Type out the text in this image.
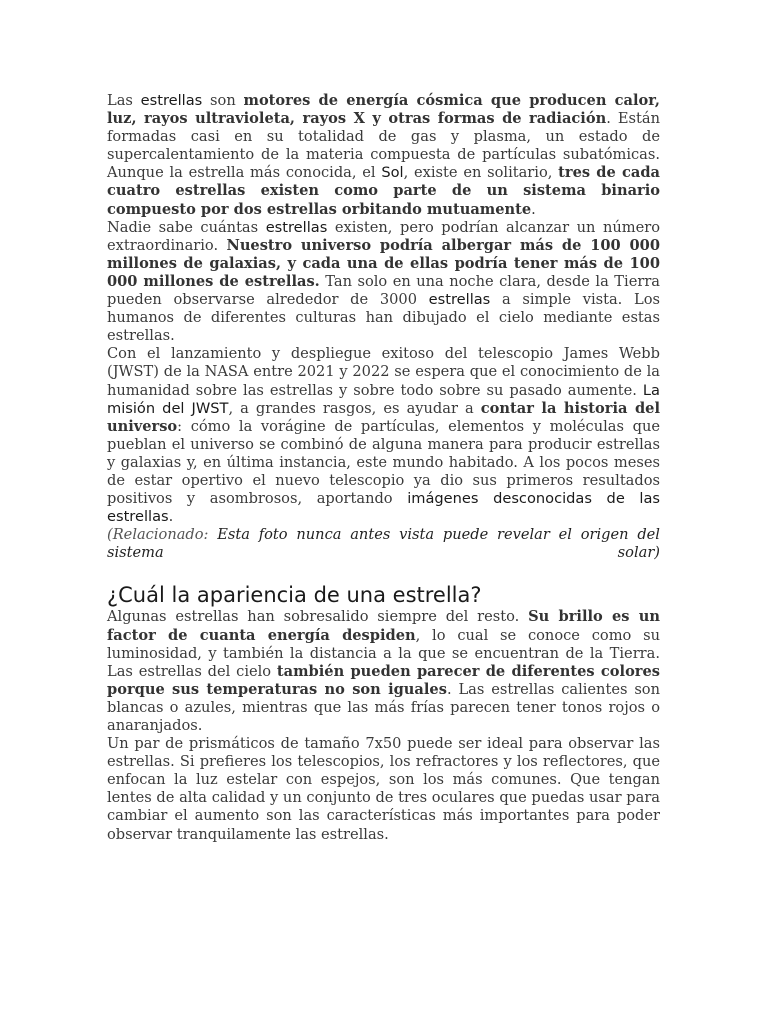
Las estrellas son motores de energía cósmica que producen calor, luz, rayos ultravioleta, rayos X y otras formas de radiación. Están formadas casi en su totalidad de gas y plasma, un estado de supercalentamiento de la materia compuesta de partículas subatómicas. Aunque la estrella más conocida, el Sol, existe en solitario, tres de cada cuatro estrellas existen como parte de un sistema binario compuesto por dos estrellas orbitando mutuamente.

Nadie sabe cuántas estrellas existen, pero podrían alcanzar un número extraordinario. Nuestro universo podría albergar más de 100 000 millones de galaxias, y cada una de ellas podría tener más de 100 000 millones de estrellas. Tan solo en una noche clara, desde la Tierra pueden observarse alrededor de 3000 estrellas a simple vista. Los humanos de diferentes culturas han dibujado el cielo mediante estas estrellas.

Con el lanzamiento y despliegue exitoso del telescopio James Webb (JWST) de la NASA entre 2021 y 2022 se espera que el conocimiento de la humanidad sobre las estrellas y sobre todo sobre su pasado aumente. La misión del JWST, a grandes rasgos, es ayudar a contar la historia del universo: cómo la vorágine de partículas, elementos y moléculas que pueblan el universo se combinó de alguna manera para producir estrellas y galaxias y, en última instancia, este mundo habitado. A los pocos meses de estar opertivo el nuevo telescopio ya dio sus primeros resultados positivos y asombrosos, aportando imágenes desconocidas de las estrellas.

(Relacionado: Esta foto nunca antes vista puede revelar el origen del sistema solar)

¿Cuál la apariencia de una estrella?

Algunas estrellas han sobresalido siempre del resto. Su brillo es un factor de cuanta energía despiden, lo cual se conoce como su luminosidad, y también la distancia a la que se encuentran de la Tierra. Las estrellas del cielo también pueden parecer de diferentes colores porque sus temperaturas no son iguales. Las estrellas calientes son blancas o azules, mientras que las más frías parecen tener tonos rojos o anaranjados.

Un par de prismáticos de tamaño 7x50 puede ser ideal para observar las estrellas. Si prefieres los telescopios, los refractores y los reflectores, que enfocan la luz estelar con espejos, son los más comunes. Que tengan lentes de alta calidad y un conjunto de tres oculares que puedas usar para cambiar el aumento son las características más importantes para poder observar tranquilamente las estrellas.
